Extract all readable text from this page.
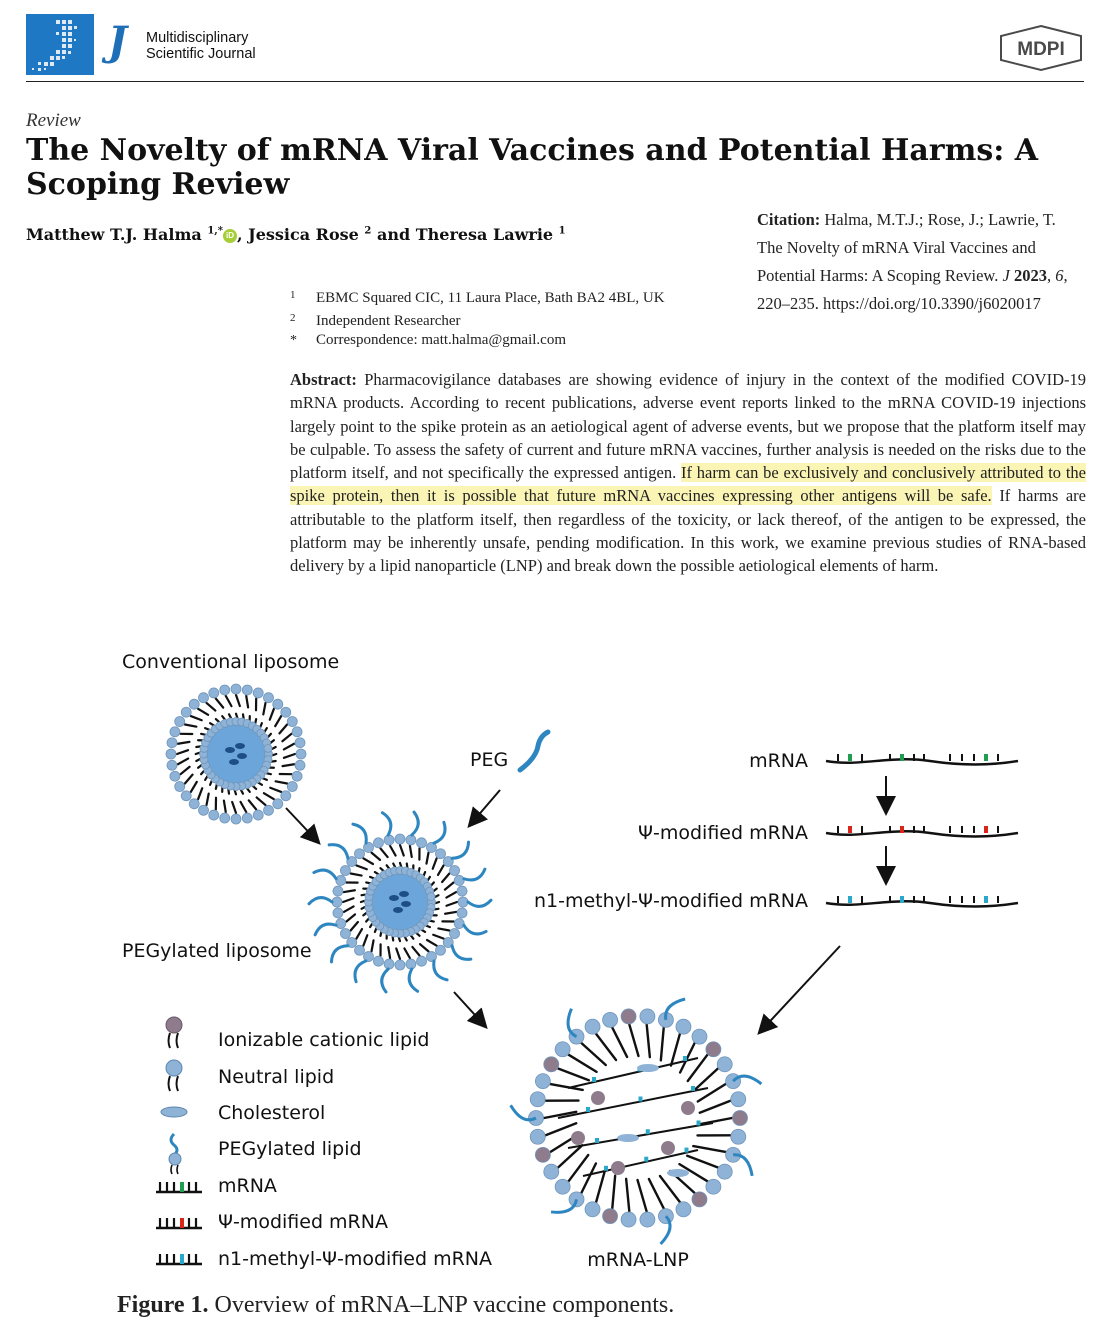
J Multidisciplinary
Scientific Journal	MDPI
Review
The Novelty of mRNA Viral Vaccines and Potential Harms: A Scoping Review
Matthew T.J. Halma $^{1,*}$ iD , Jessica Rose $^2$ and Theresa Lawrie $^1$
1 EBMC Squared CIC, 11 Laura Place, Bath BA2 4BL, UK
2 Independent Researcher
* Correspondence: matt.halma@gmail.com
Citation: Halma, M.T.J.; Rose, J.; Lawrie, T. The Novelty of mRNA Viral Vaccines and Potential Harms: A Scoping Review. J 2023, 6, 220–235. https://doi.org/10.3390/j6020017

Abstract: Pharmacovigilance databases are showing evidence of injury in the context of the modified COVID-19 mRNA products. According to recent publications, adverse event reports linked to the mRNA COVID-19 injections largely point to the spike protein as an aetiological agent of adverse events, but we propose that the platform itself may be culpable. To assess the safety of current and future mRNA vaccines, further analysis is needed on the risks due to the platform itself, and not specifically the expressed antigen. If harm can be exclusively and conclusively attributed to the spike protein, then it is possible that future mRNA vaccines expressing other antigens will be safe. If harms are attributable to the platform itself, then regardless of the toxicity, or lack thereof, of the antigen to be expressed, the platform may be inherently unsafe, pending modification. In this work, we examine previous studies of RNA-based delivery by a lipid nanoparticle (LNP) and break down the possible aetiological elements of harm.

Conventional liposome
PEG
PEGylated liposome
mRNA
Ψ-modified mRNA
n1-methyl-Ψ-modified mRNA
mRNA-LNP
Ionizable cationic lipid
Neutral lipid
Cholesterol
PEGylated lipid
mRNA
Ψ-modified mRNA
n1-methyl-Ψ-modified mRNA
Figure 1. Overview of mRNA–LNP vaccine components.
